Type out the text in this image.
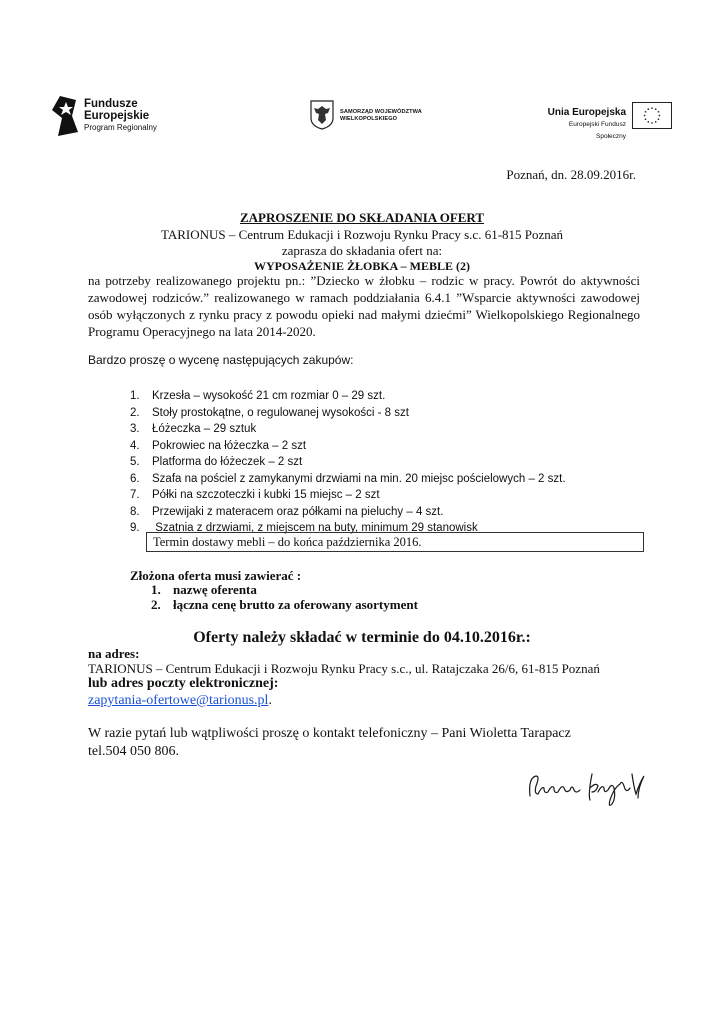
Fundusze
Europejskie
Program Regionalny
SAMORZĄD WOJEWÓDZTWA
WIELKOPOLSKIEGO
Unia Europejska
Europejski Fundusz Społeczny
Poznań, dn. 28.09.2016r.
ZAPROSZENIE DO SKŁADANIA OFERT
TARIONUS – Centrum Edukacji i Rozwoju Rynku Pracy s.c. 61-815 Poznań
zaprasza do składania ofert na:
WYPOSAŻENIE ŻŁOBKA – MEBLE (2)
na potrzeby realizowanego projektu pn.: ”Dziecko w żłobku – rodzic w pracy. Powrót do aktywności
zawodowej rodziców.” realizowanego w ramach poddziałania 6.4.1 ”Wsparcie aktywności zawodowej
osób wyłączonych z rynku pracy z powodu opieki nad małymi dziećmi” Wielkopolskiego Regionalnego
Programu Operacyjnego na lata 2014-2020.
Bardzo proszę o wycenę następujących zakupów:
1. Krzesła – wysokość 21 cm rozmiar 0 – 29 szt.
2. Stoły prostokątne, o regulowanej wysokości - 8 szt
3. Łóżeczka – 29 sztuk
4. Pokrowiec na łóżeczka – 2 szt
5. Platforma do łóżeczek – 2 szt
6. Szafa na pościel z zamykanymi drzwiami na min. 20 miejsc pościelowych – 2 szt.
7. Półki na szczoteczki i kubki 15 miejsc – 2 szt
8. Przewijaki z materacem oraz półkami na pieluchy – 4 szt.
9. Szatnia z drzwiami, z miejscem na buty, minimum 29 stanowisk
Termin dostawy mebli – do końca października 2016.
Złożona oferta musi zawierać :
1. nazwę oferenta
2. łączna cenę brutto za oferowany asortyment
Oferty należy składać w terminie do 04.10.2016r.:
na adres:
TARIONUS – Centrum Edukacji i Rozwoju Rynku Pracy s.c., ul. Ratajczaka 26/6, 61-815 Poznań
lub adres poczty elektronicznej:
zapytania-ofertowe@tarionus.pl.
W razie pytań lub wątpliwości proszę o kontakt telefoniczny – Pani Wioletta Tarapacz
tel.504 050 806.
